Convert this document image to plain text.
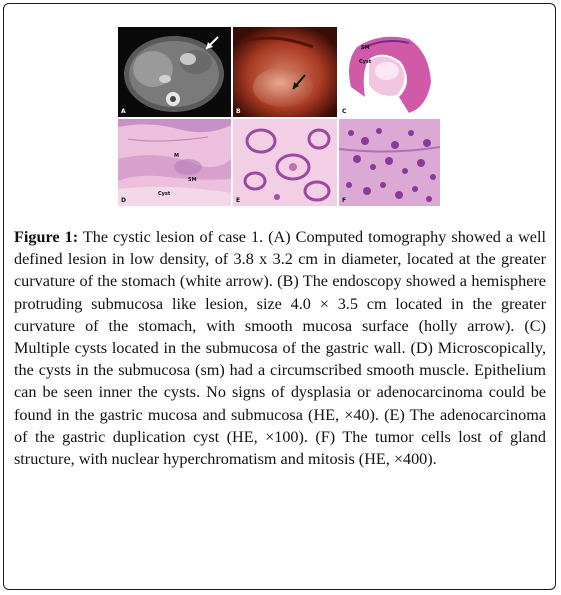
A	B
SM
Cyst
C
M
SM
Cyst
D	E	F

Figure 1: The cystic lesion of case 1. (A) Computed tomography showed a well defined lesion in low density, of 3.8 x 3.2 cm in diameter, located at the greater curvature of the stomach (white arrow). (B) The endoscopy showed a hemisphere protruding submucosa like lesion, size 4.0 × 3.5 cm located in the greater curvature of the stomach, with smooth mucosa surface (holly arrow). (C) Multiple cysts located in the submucosa of the gastric wall. (D) Microscopically, the cysts in the submucosa (sm) had a circumscribed smooth muscle. Epithelium can be seen inner the cysts. No signs of dysplasia or adenocarcinoma could be found in the gastric mucosa and submucosa (HE, ×40). (E) The adenocarcinoma of the gastric duplication cyst (HE, ×100). (F) The tumor cells lost of gland structure, with nuclear hyperchromatism and mitosis (HE, ×400).
